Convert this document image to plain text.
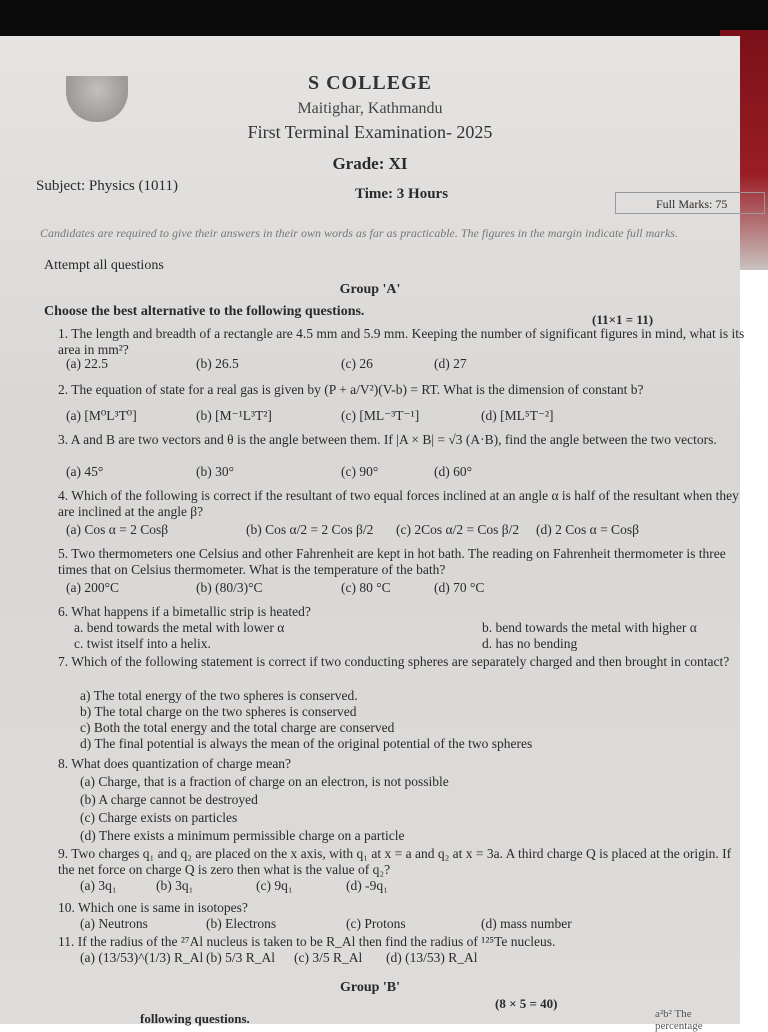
S COLLEGE
Maitighar, Kathmandu
First Terminal Examination- 2025
Grade: XI
Subject: Physics (1011)	Time: 3 Hours
Full Marks: 75
Candidates are required to give their answers in their own words as far as practicable. The figures in the margin indicate full marks.
Attempt all questions
Group 'A'
Choose the best alternative to the following questions.
(11×1 = 11)
1. The length and breadth of a rectangle are 4.5 mm and 5.9 mm. Keeping the number of significant figures in mind, what is its area in mm²?
(a) 22.5	(b) 26.5	(c) 26	(d) 27
2. The equation of state for a real gas is given by (P + a/V²)(V-b) = RT. What is the dimension of constant b?
(a) [M⁰L³T⁰]	(b) [M⁻¹L³T²]	(c) [ML⁻³T⁻¹]	(d) [ML⁵T⁻²]
3. A and B are two vectors and θ is the angle between them. If |A × B| = √3 (A·B), find the angle between the two vectors.
(a) 45°	(b) 30°	(c) 90°	(d) 60°
4. Which of the following is correct if the resultant of two equal forces inclined at an angle α is half of the resultant when they are inclined at the angle β?
(a) Cos α = 2 Cosβ	(b) Cos α/2 = 2 Cos β/2 (c) 2Cos α/2 = Cos β/2 (d) 2 Cos α = Cosβ
5. Two thermometers one Celsius and other Fahrenheit are kept in hot bath. The reading on Fahrenheit thermometer is three times that on Celsius thermometer. What is the temperature of the bath?
(a) 200°C	(b) (80/3)°C	(c) 80 °C	(d) 70 °C
6. What happens if a bimetallic strip is heated?
a. bend towards the metal with lower α	b. bend towards the metal with higher α
c. twist itself into a helix.	d. has no bending
7. Which of the following statement is correct if two conducting spheres are separately charged and then brought in contact?
a) The total energy of the two spheres is conserved.
b) The total charge on the two spheres is conserved
c) Both the total energy and the total charge are conserved
d) The final potential is always the mean of the original potential of the two spheres
8. What does quantization of charge mean?
(a) Charge, that is a fraction of charge on an electron, is not possible
(b) A charge cannot be destroyed
(c) Charge exists on particles
(d) There exists a minimum permissible charge on a particle
9. Two charges q₁ and q₂ are placed on the x axis, with q₁ at x = a and q₂ at x = 3a. A third charge Q is placed at the origin. If the net force on charge Q is zero then what is the value of q₂?
(a) 3q₁	(b) 3q₁	(c) 9q₁	(d) -9q₁
10. Which one is same in isotopes?
(a) Neutrons	(b) Electrons	(c) Protons	(d) mass number
11. If the radius of the ²⁷Al nucleus is taken to be R_Al then find the radius of ¹²⁵Te nucleus.
(a) (13/53)^(1/3) R_Al (b) 5/3 R_Al (c) 3/5 R_Al (d) (13/53) R_Al
Group 'B'
(8 × 5 = 40)
following questions.	a²b² The percentage
